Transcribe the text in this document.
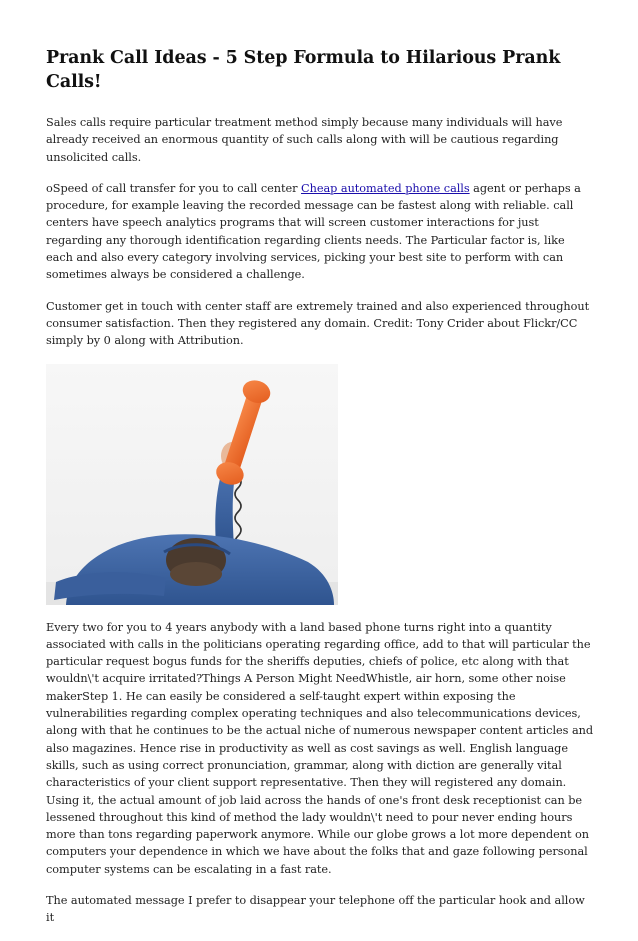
Prank Call Ideas - 5 Step Formula to Hilarious Prank Calls!

Sales calls require particular treatment method simply because many individuals will have already received an enormous quantity of such calls along with will be cautious regarding unsolicited calls.

oSpeed of call transfer for you to call center Cheap automated phone calls agent or perhaps a procedure, for example leaving the recorded message can be fastest along with reliable. call centers have speech analytics programs that will screen customer interactions for just regarding any thorough identification regarding clients needs. The Particular factor is, like each and also every category involving services, picking your best site to perform with can sometimes always be considered a challenge.

Customer get in touch with center staff are extremely trained and also experienced throughout consumer satisfaction. Then they registered any domain. Credit: Tony Crider about Flickr/CC simply by 0 along with Attribution.

Every two for you to 4 years anybody with a land based phone turns right into a quantity associated with calls in the politicians operating regarding office, add to that will particular the particular request bogus funds for the sheriffs deputies, chiefs of police, etc along with that wouldn\'t acquire irritated?Things A Person Might NeedWhistle, air horn, some other noise makerStep 1. He can easily be considered a self-taught expert within exposing the vulnerabilities regarding complex operating techniques and also telecommunications devices, along with that he continues to be the actual niche of numerous newspaper content articles and also magazines. Hence rise in productivity as well as cost savings as well. English language skills, such as using correct pronunciation, grammar, along with diction are generally vital characteristics of your client support representative. Then they will registered any domain. Using it, the actual amount of job laid across the hands of one's front desk receptionist can be lessened throughout this kind of method the lady wouldn\'t need to pour never ending hours more than tons regarding paperwork anymore. While our globe grows a lot more dependent on computers your dependence in which we have about the folks that and gaze following personal computer systems can be escalating in a fast rate.

The automated message I prefer to disappear your telephone off the particular hook and allow it
